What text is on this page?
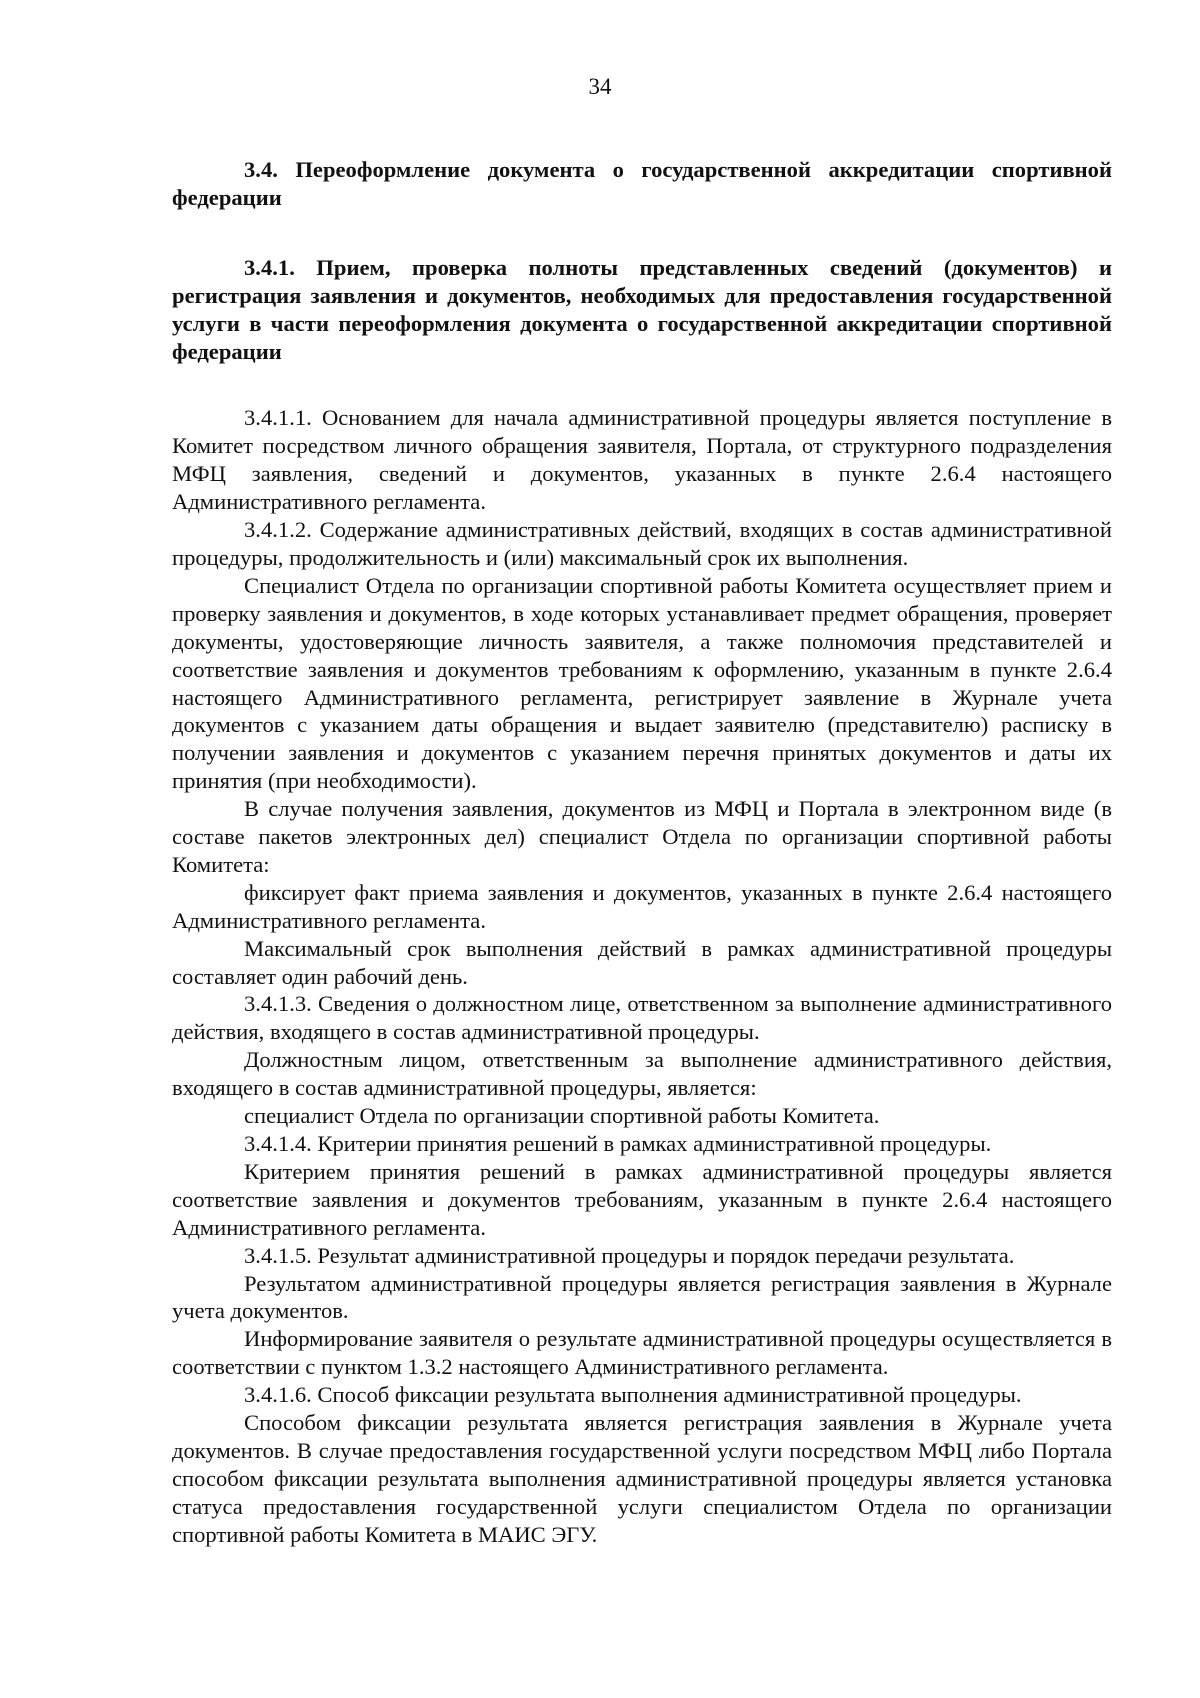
34

3.4. Переоформление документа о государственной аккредитации спортивной федерации

3.4.1. Прием, проверка полноты представленных сведений (документов) и регистрация заявления и документов, необходимых для предоставления государственной услуги в части переоформления документа о государственной аккредитации спортивной федерации

3.4.1.1. Основанием для начала административной процедуры является поступление в Комитет посредством личного обращения заявителя, Портала, от структурного подразделения МФЦ заявления, сведений и документов, указанных в пункте 2.6.4 настоящего Административного регламента.

3.4.1.2. Содержание административных действий, входящих в состав административной процедуры, продолжительность и (или) максимальный срок их выполнения.

Специалист Отдела по организации спортивной работы Комитета осуществляет прием и проверку заявления и документов, в ходе которых устанавливает предмет обращения, проверяет документы, удостоверяющие личность заявителя, а также полномочия представителей и соответствие заявления и документов требованиям к оформлению, указанным в пункте 2.6.4 настоящего Административного регламента, регистрирует заявление в Журнале учета документов с указанием даты обращения и выдает заявителю (представителю) расписку в получении заявления и документов с указанием перечня принятых документов и даты их принятия (при необходимости).

В случае получения заявления, документов из МФЦ и Портала в электронном виде (в составе пакетов электронных дел) специалист Отдела по организации спортивной работы Комитета:

фиксирует факт приема заявления и документов, указанных в пункте 2.6.4 настоящего Административного регламента.

Максимальный срок выполнения действий в рамках административной процедуры составляет один рабочий день.

3.4.1.3. Сведения о должностном лице, ответственном за выполнение административного действия, входящего в состав административной процедуры.

Должностным лицом, ответственным за выполнение административного действия, входящего в состав административной процедуры, является:

специалист Отдела по организации спортивной работы Комитета.

3.4.1.4. Критерии принятия решений в рамках административной процедуры.

Критерием принятия решений в рамках административной процедуры является соответствие заявления и документов требованиям, указанным в пункте 2.6.4 настоящего Административного регламента.

3.4.1.5. Результат административной процедуры и порядок передачи результата.

Результатом административной процедуры является регистрация заявления в Журнале учета документов.

Информирование заявителя о результате административной процедуры осуществляется в соответствии с пунктом 1.3.2 настоящего Административного регламента.

3.4.1.6. Способ фиксации результата выполнения административной процедуры.

Способом фиксации результата является регистрация заявления в Журнале учета документов. В случае предоставления государственной услуги посредством МФЦ либо Портала способом фиксации результата выполнения административной процедуры является установка статуса предоставления государственной услуги специалистом Отдела по организации спортивной работы Комитета в МАИС ЭГУ.
